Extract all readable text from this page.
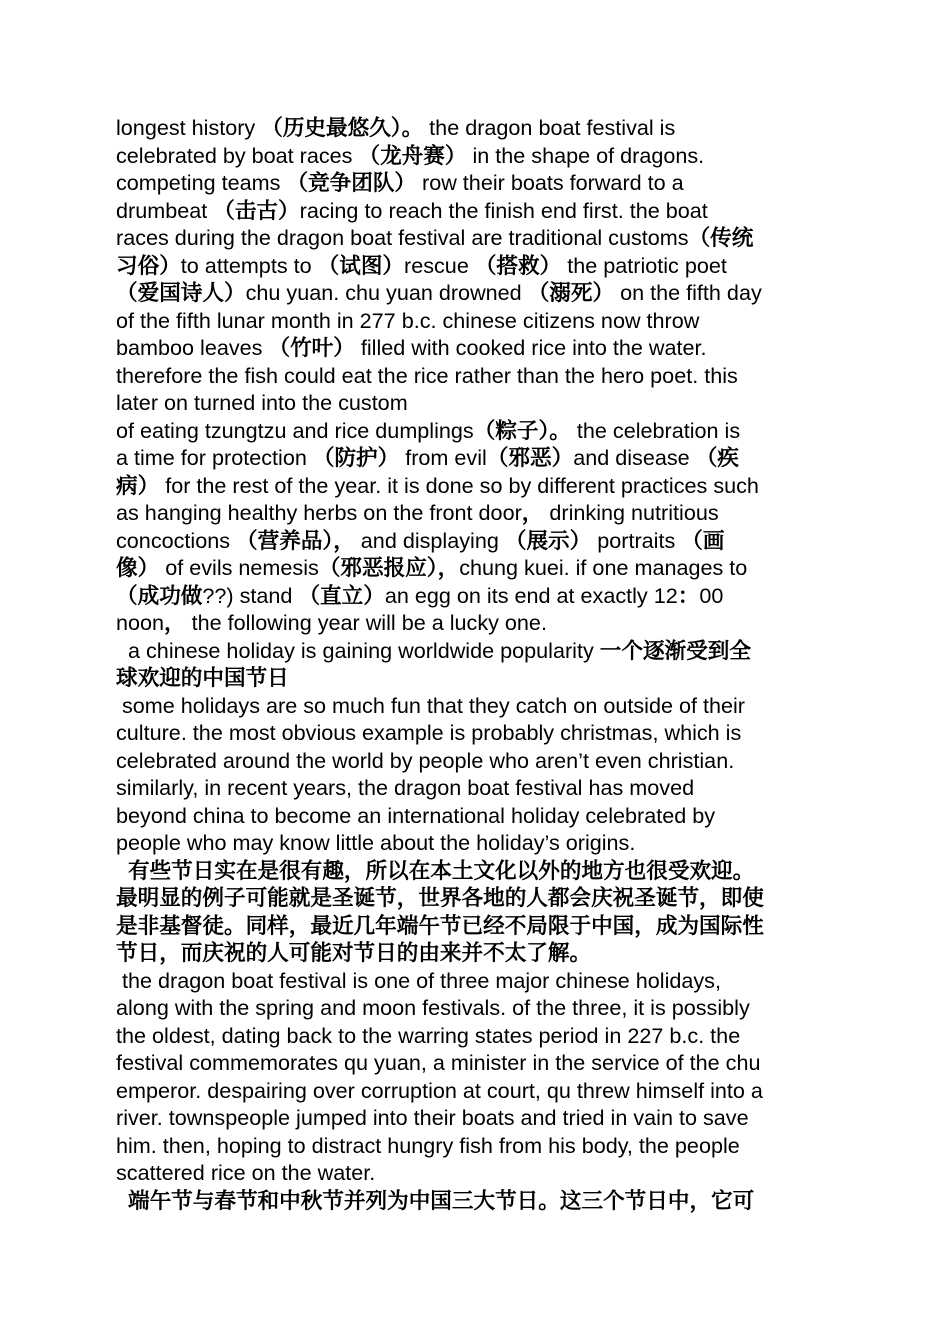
longest history （历史最悠久）。 the dragon boat festival is
celebrated by boat races （龙舟赛） in the shape of dragons.
competing teams （竞争团队） row their boats forward to a
drumbeat （击古）racing to reach the finish end first. the boat
races during the dragon boat festival are traditional customs（传统
习俗）to attempts to （试图）rescue （搭救） the patriotic poet
（爱国诗人）chu yuan. chu yuan drowned （溺死） on the fifth day
of the fifth lunar month in 277 b.c. chinese citizens now throw
bamboo leaves （竹叶） filled with cooked rice into the water.
therefore the fish could eat the rice rather than the hero poet. this
later on turned into the custom
of eating tzungtzu and rice dumplings（粽子）。 the celebration is
a time for protection （防护） from evil（邪恶）and disease （疾
病） for the rest of the year. it is done so by different practices such
as hanging healthy herbs on the front door， drinking nutritious
concoctions （营养品）， and displaying （展示） portraits （画
像） of evils nemesis（邪恶报应），chung kuei. if one manages to
（成功做??) stand （直立）an egg on its end at exactly 12：00
noon， the following year will be a lucky one.
a chinese holiday is gaining worldwide popularity 一个逐渐受到全
球欢迎的中国节日
some holidays are so much fun that they catch on outside of their
culture. the most obvious example is probably christmas, which is
celebrated around the world by people who aren’t even christian.
similarly, in recent years, the dragon boat festival has moved
beyond china to become an international holiday celebrated by
people who may know little about the holiday’s origins.
有些节日实在是很有趣，所以在本土文化以外的地方也很受欢迎。
最明显的例子可能就是圣诞节，世界各地的人都会庆祝圣诞节，即使
是非基督徒。同样，最近几年端午节已经不局限于中国，成为国际性
节日，而庆祝的人可能对节日的由来并不太了解。
the dragon boat festival is one of three major chinese holidays,
along with the spring and moon festivals. of the three, it is possibly
the oldest, dating back to the warring states period in 227 b.c. the
festival commemorates qu yuan, a minister in the service of the chu
emperor. despairing over corruption at court, qu threw himself into a
river. townspeople jumped into their boats and tried in vain to save
him. then, hoping to distract hungry fish from his body, the people
scattered rice on the water.
端午节与春节和中秋节并列为中国三大节日。这三个节日中，它可
